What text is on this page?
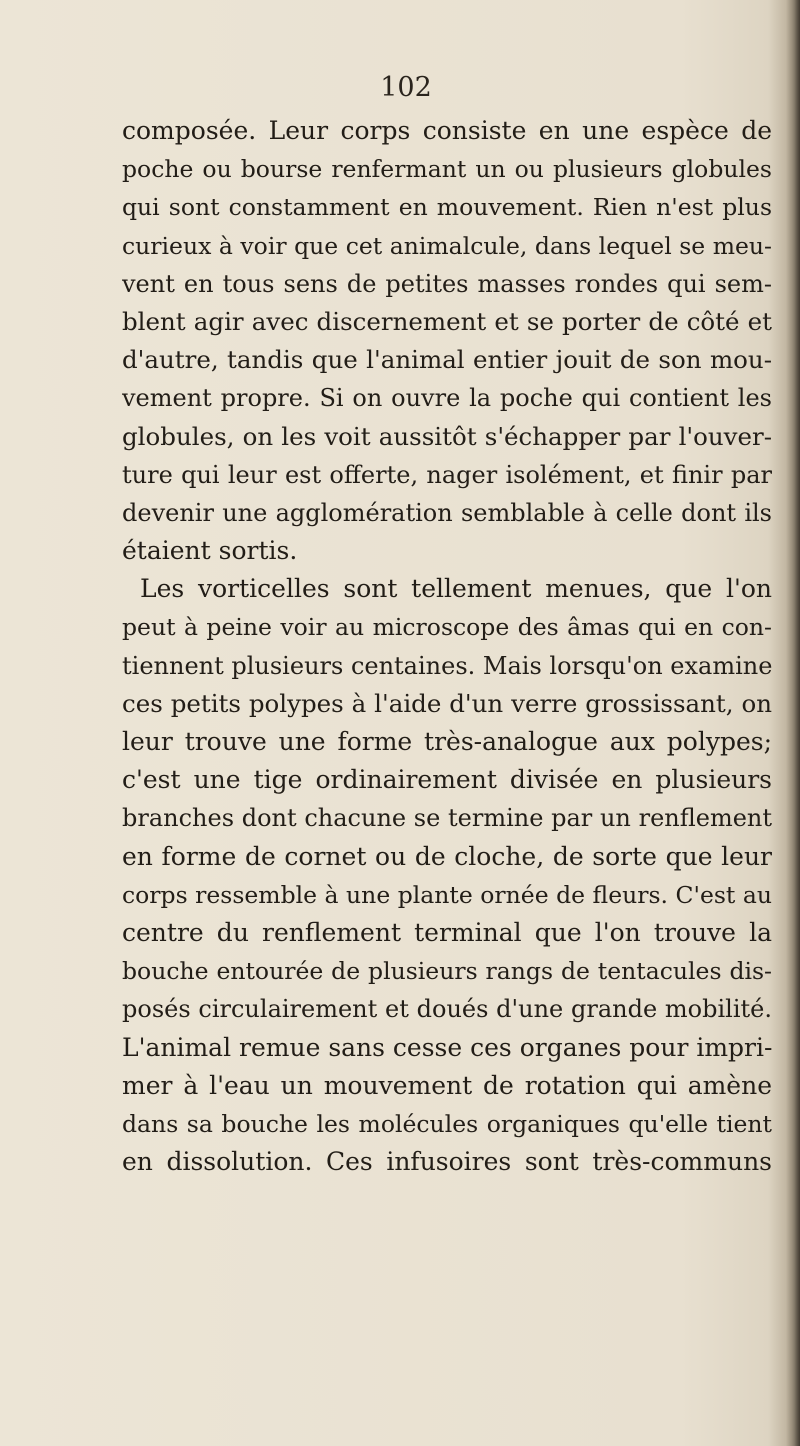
102
composée. Leur corps consiste en une espèce de
poche ou bourse renfermant un ou plusieurs globules
qui sont constamment en mouvement. Rien n'est plus
curieux à voir que cet animalcule, dans lequel se meu-
vent en tous sens de petites masses rondes qui sem-
blent agir avec discernement et se porter de côté et
d'autre, tandis que l'animal entier jouit de son mou-
vement propre. Si on ouvre la poche qui contient les
globules, on les voit aussitôt s'échapper par l'ouver-
ture qui leur est offerte, nager isolément, et finir par
devenir une agglomération semblable à celle dont ils
étaient sortis.
Les vorticelles sont tellement menues, que l'on
peut à peine voir au microscope des âmas qui en con-
tiennent plusieurs centaines. Mais lorsqu'on examine
ces petits polypes à l'aide d'un verre grossissant, on
leur trouve une forme très-analogue aux polypes;
c'est une tige ordinairement divisée en plusieurs
branches dont chacune se termine par un renflement
en forme de cornet ou de cloche, de sorte que leur
corps ressemble à une plante ornée de fleurs. C'est au
centre du renflement terminal que l'on trouve la
bouche entourée de plusieurs rangs de tentacules dis-
posés circulairement et doués d'une grande mobilité.
L'animal remue sans cesse ces organes pour impri-
mer à l'eau un mouvement de rotation qui amène
dans sa bouche les molécules organiques qu'elle tient
en dissolution. Ces infusoires sont très-communs
